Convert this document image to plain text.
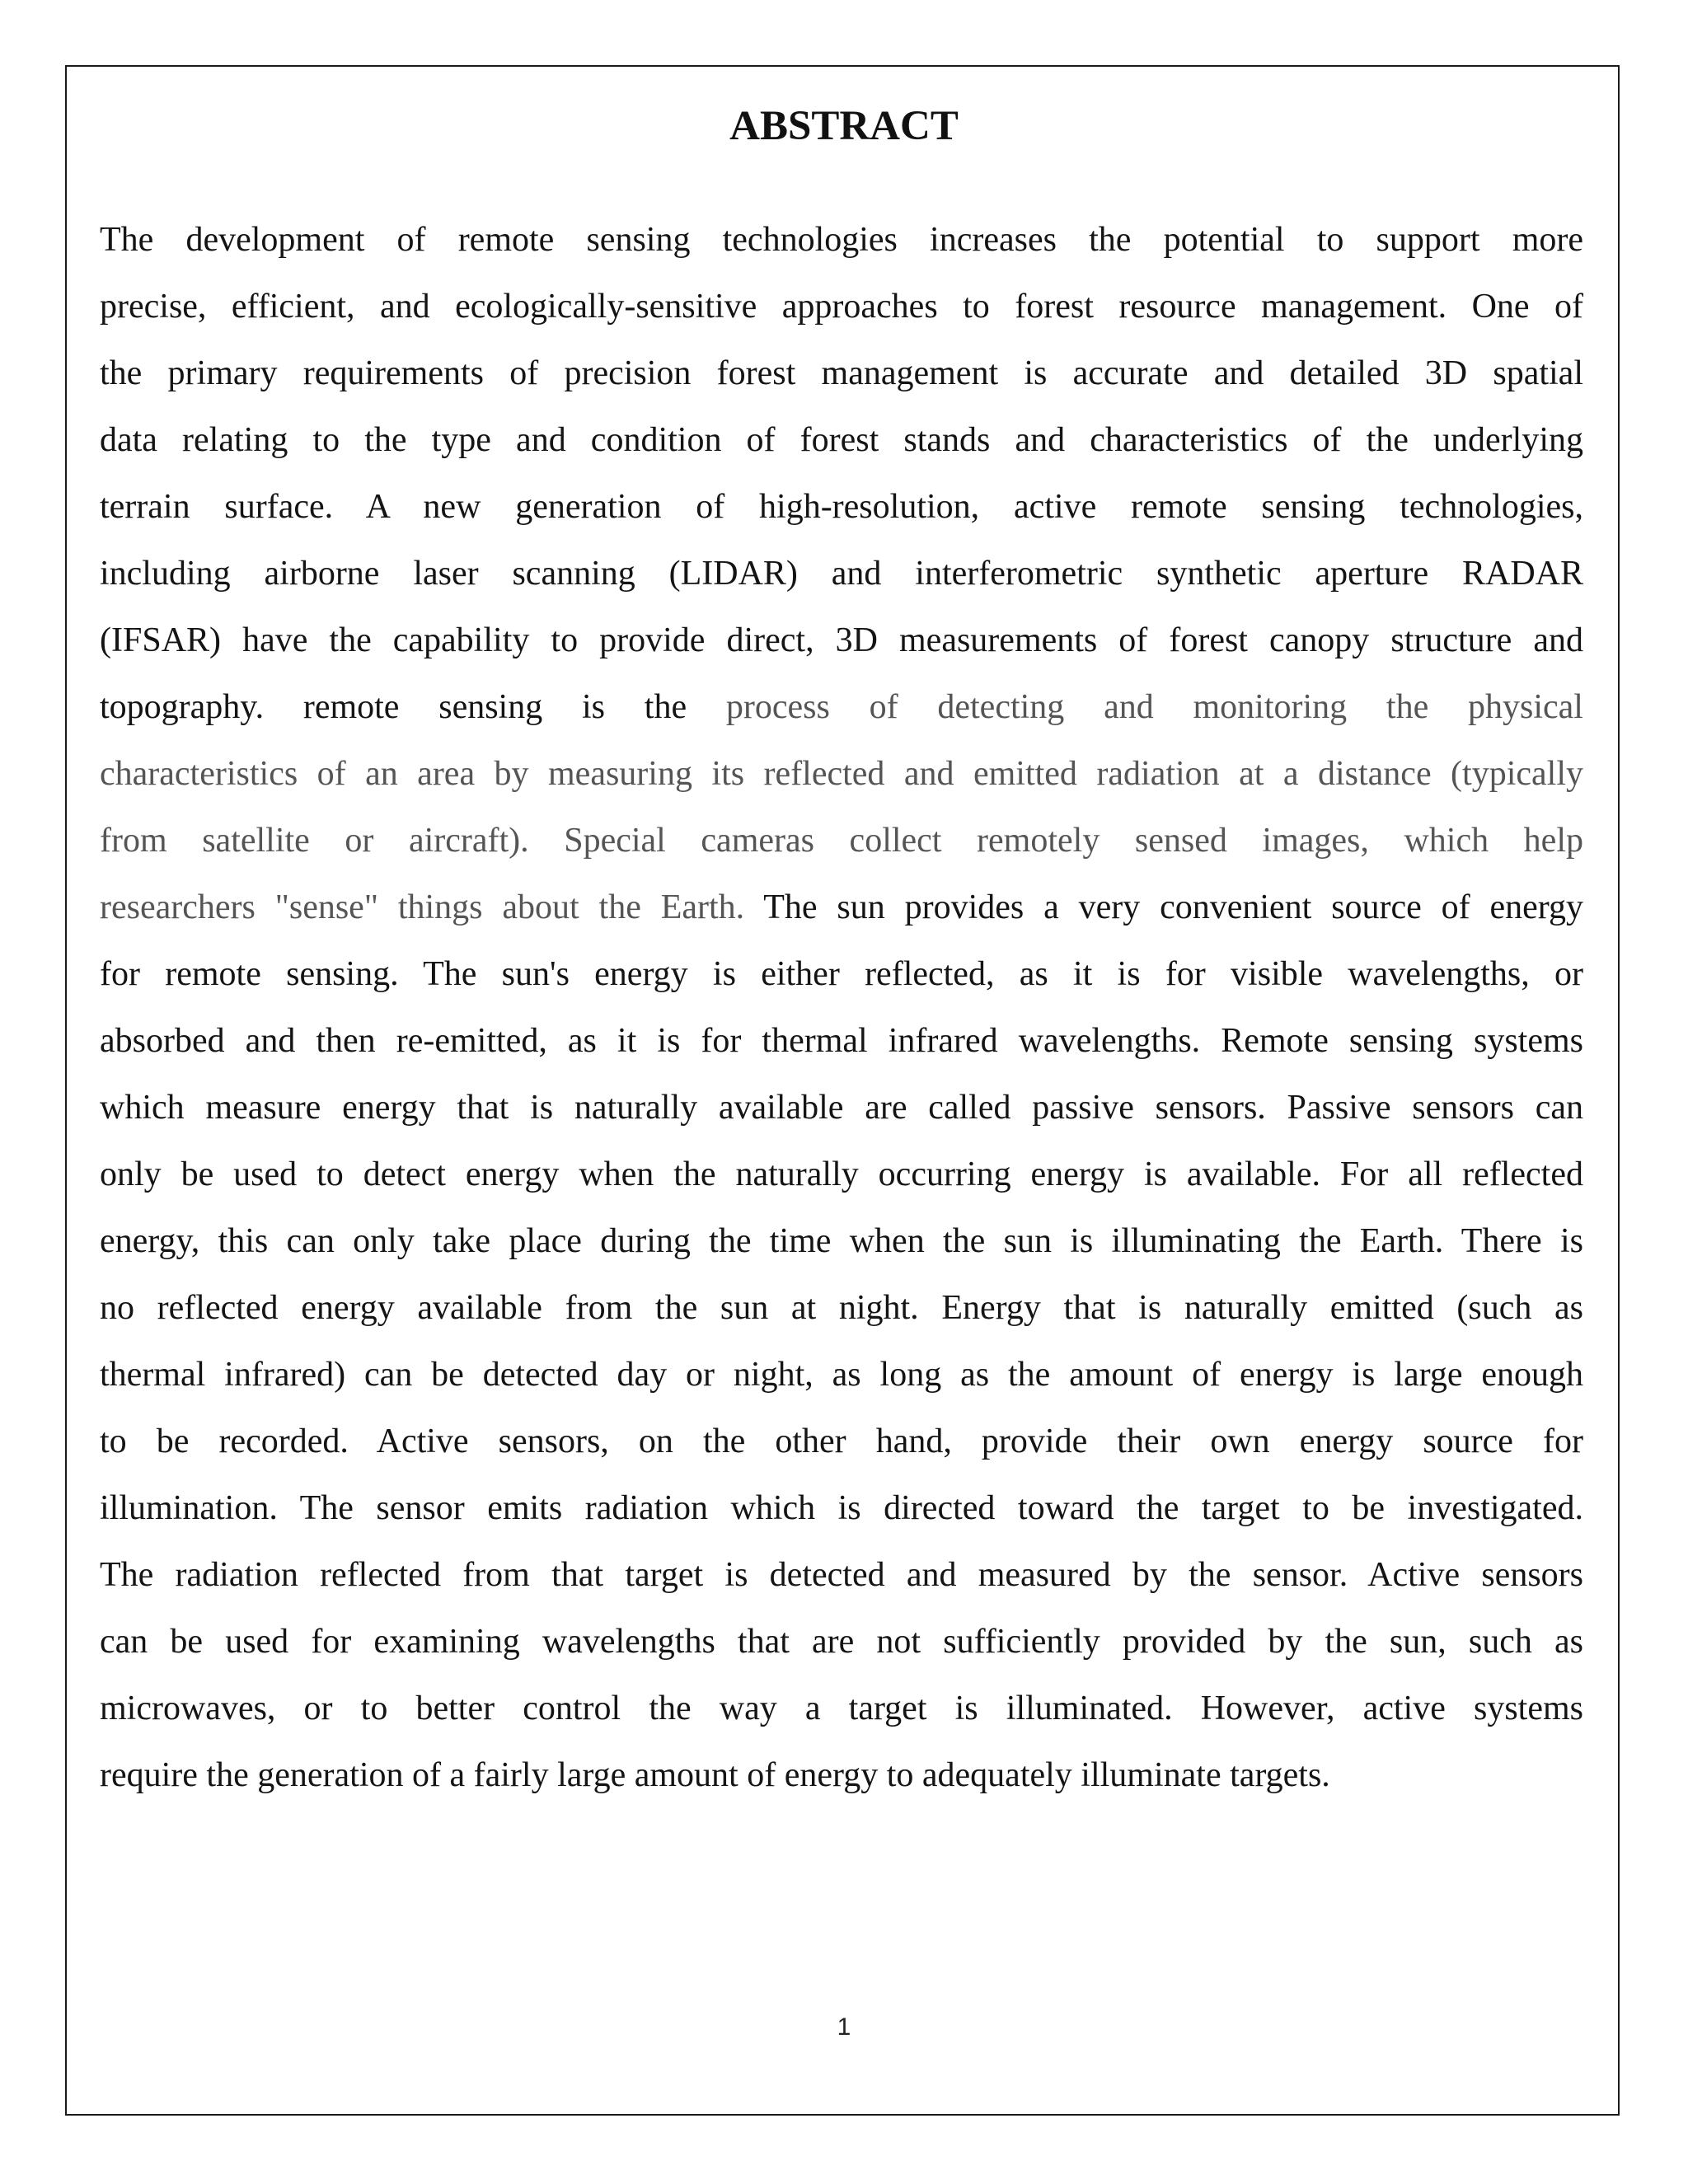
ABSTRACT
The development of remote sensing technologies increases the potential to support more
precise, efficient, and ecologically-sensitive approaches to forest resource management. One of
the primary requirements of precision forest management is accurate and detailed 3D spatial
data relating to the type and condition of forest stands and characteristics of the underlying
terrain surface. A new generation of high-resolution, active remote sensing technologies,
including airborne laser scanning (LIDAR) and interferometric synthetic aperture RADAR
(IFSAR) have the capability to provide direct, 3D measurements of forest canopy structure and
topography. remote sensing is the process of detecting and monitoring the physical
characteristics of an area by measuring its reflected and emitted radiation at a distance (typically
from satellite or aircraft). Special cameras collect remotely sensed images, which help
researchers "sense" things about the Earth. The sun provides a very convenient source of energy
for remote sensing. The sun's energy is either reflected, as it is for visible wavelengths, or
absorbed and then re-emitted, as it is for thermal infrared wavelengths. Remote sensing systems
which measure energy that is naturally available are called passive sensors. Passive sensors can
only be used to detect energy when the naturally occurring energy is available. For all reflected
energy, this can only take place during the time when the sun is illuminating the Earth. There is
no reflected energy available from the sun at night. Energy that is naturally emitted (such as
thermal infrared) can be detected day or night, as long as the amount of energy is large enough
to be recorded. Active sensors, on the other hand, provide their own energy source for
illumination. The sensor emits radiation which is directed toward the target to be investigated.
The radiation reflected from that target is detected and measured by the sensor. Active sensors
can be used for examining wavelengths that are not sufficiently provided by the sun, such as
microwaves, or to better control the way a target is illuminated. However, active systems
require the generation of a fairly large amount of energy to adequately illuminate targets.
1
